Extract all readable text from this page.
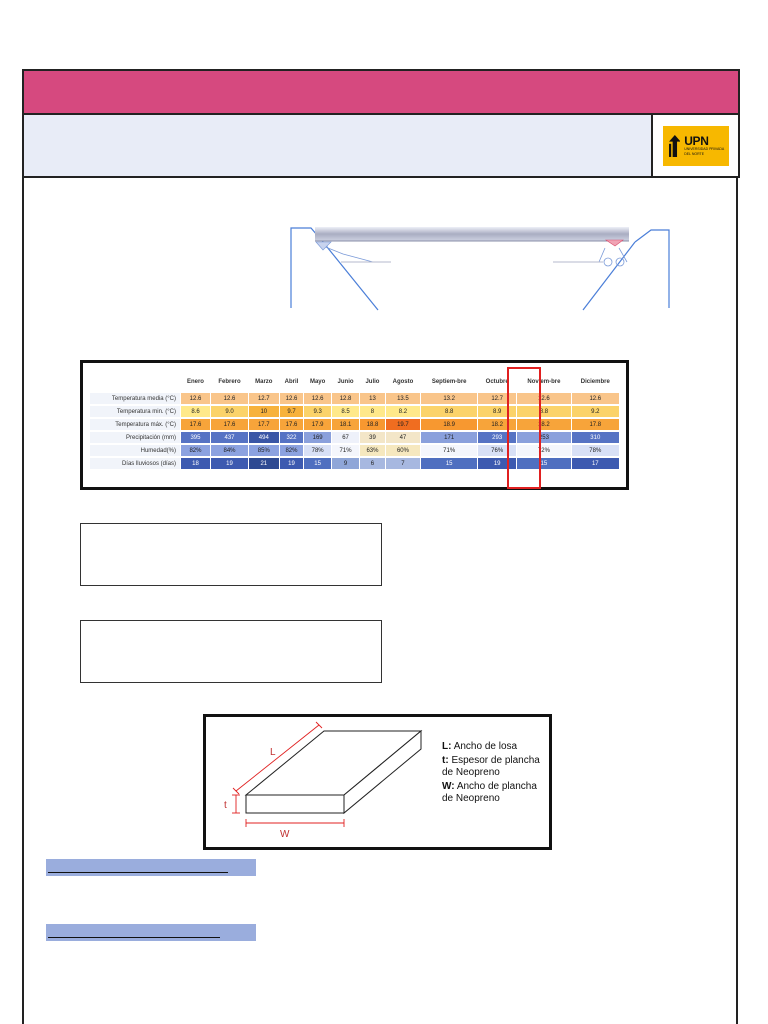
UPN
UNIVERSIDAD PRIVADA DEL NORTE
	Enero	Febrero	Marzo	Abril	Mayo	Junio	Julio	Agosto	Septiem-bre	Octubre	Noviem-bre	Diciembre
Temperatura media (°C)	12.6	12.6	12.7	12.6	12.6	12.8	13	13.5	13.2	12.7	12.6	12.6
Temperatura min. (°C)	8.6	9.0	10	9.7	9.3	8.5	8	8.2	8.8	8.9	8.8	9.2
Temperatura máx. (°C)	17.6	17.6	17.7	17.6	17.9	18.1	18.8	19.7	18.9	18.2	18.2	17.8
Precipitación (mm)	395	437	494	322	169	67	39	47	171	293	253	310
Humedad(%)	82%	84%	85%	82%	78%	71%	63%	60%	71%	76%	72%	78%
Días lluviosos (días)	18	19	21	19	15	9	6	7	15	19	15	17
L
t
W
L: Ancho de losa
t: Espesor de plancha de Neopreno
W: Ancho de plancha de Neopreno
